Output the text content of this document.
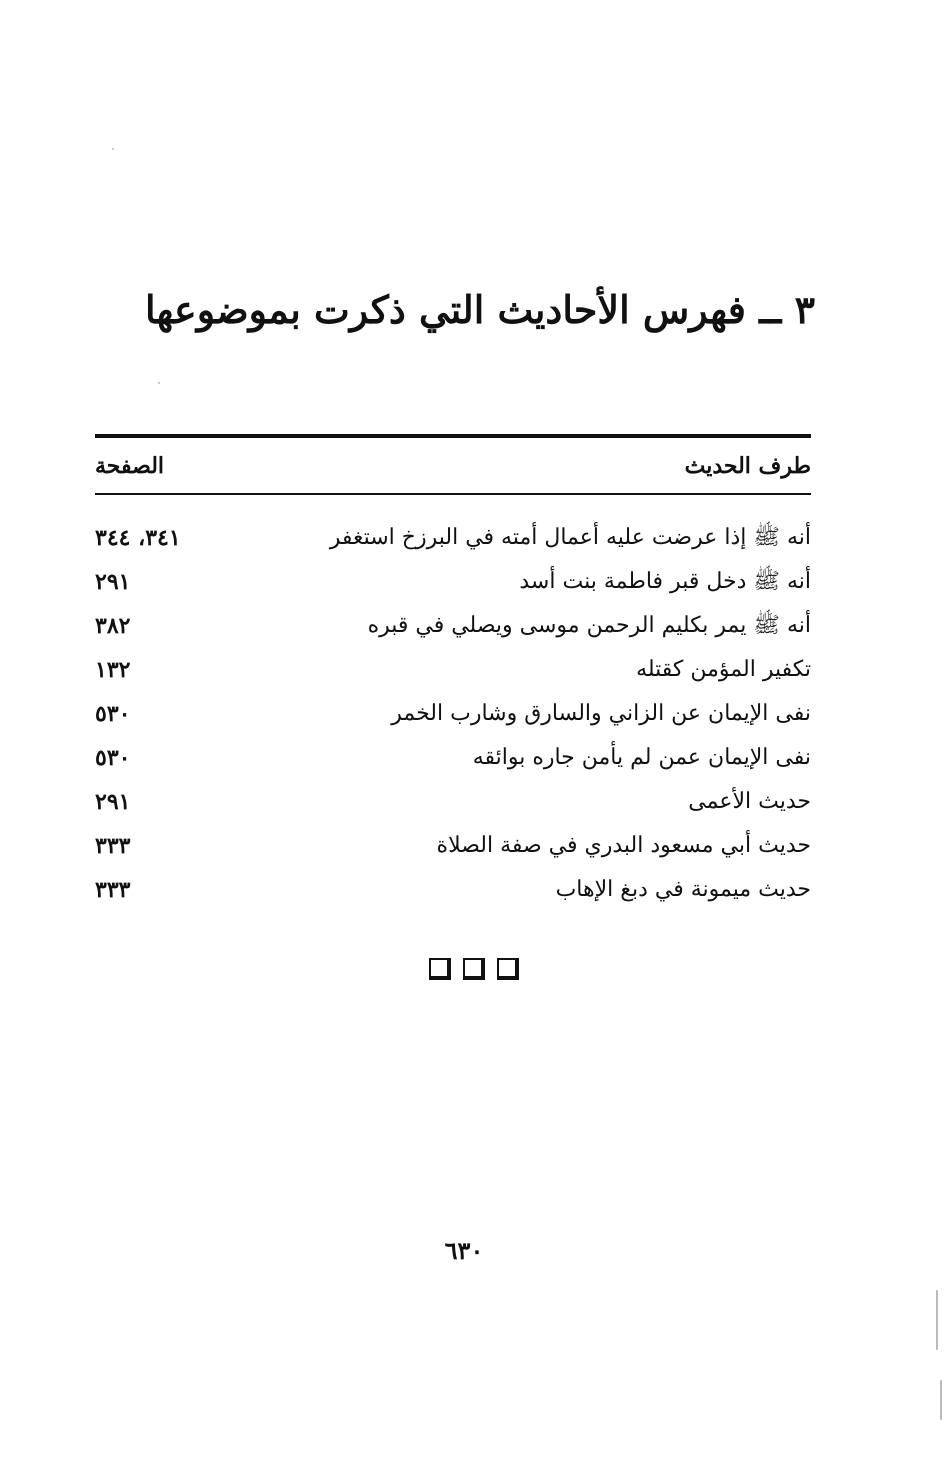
٣ ــ فهرس الأحاديث التي ذكرت بموضوعها
طرف الحديث
الصفحة
أنه ﷺ إذا عرضت عليه أعمال أمته في البرزخ استغفر
٣٤١، ٣٤٤
أنه ﷺ دخل قبر فاطمة بنت أسد
٢٩١
أنه ﷺ يمر بكليم الرحمن موسى ويصلي في قبره
٣٨٢
تكفير المؤمن كقتله
١٣٢
نفى الإيمان عن الزاني والسارق وشارب الخمر
٥٣٠
نفى الإيمان عمن لم يأمن جاره بوائقه
٥٣٠
حديث الأعمى
٢٩١
حديث أبي مسعود البدري في صفة الصلاة
٣٣٣
حديث ميمونة في دبغ الإهاب
٣٣٣

٦٣٠
